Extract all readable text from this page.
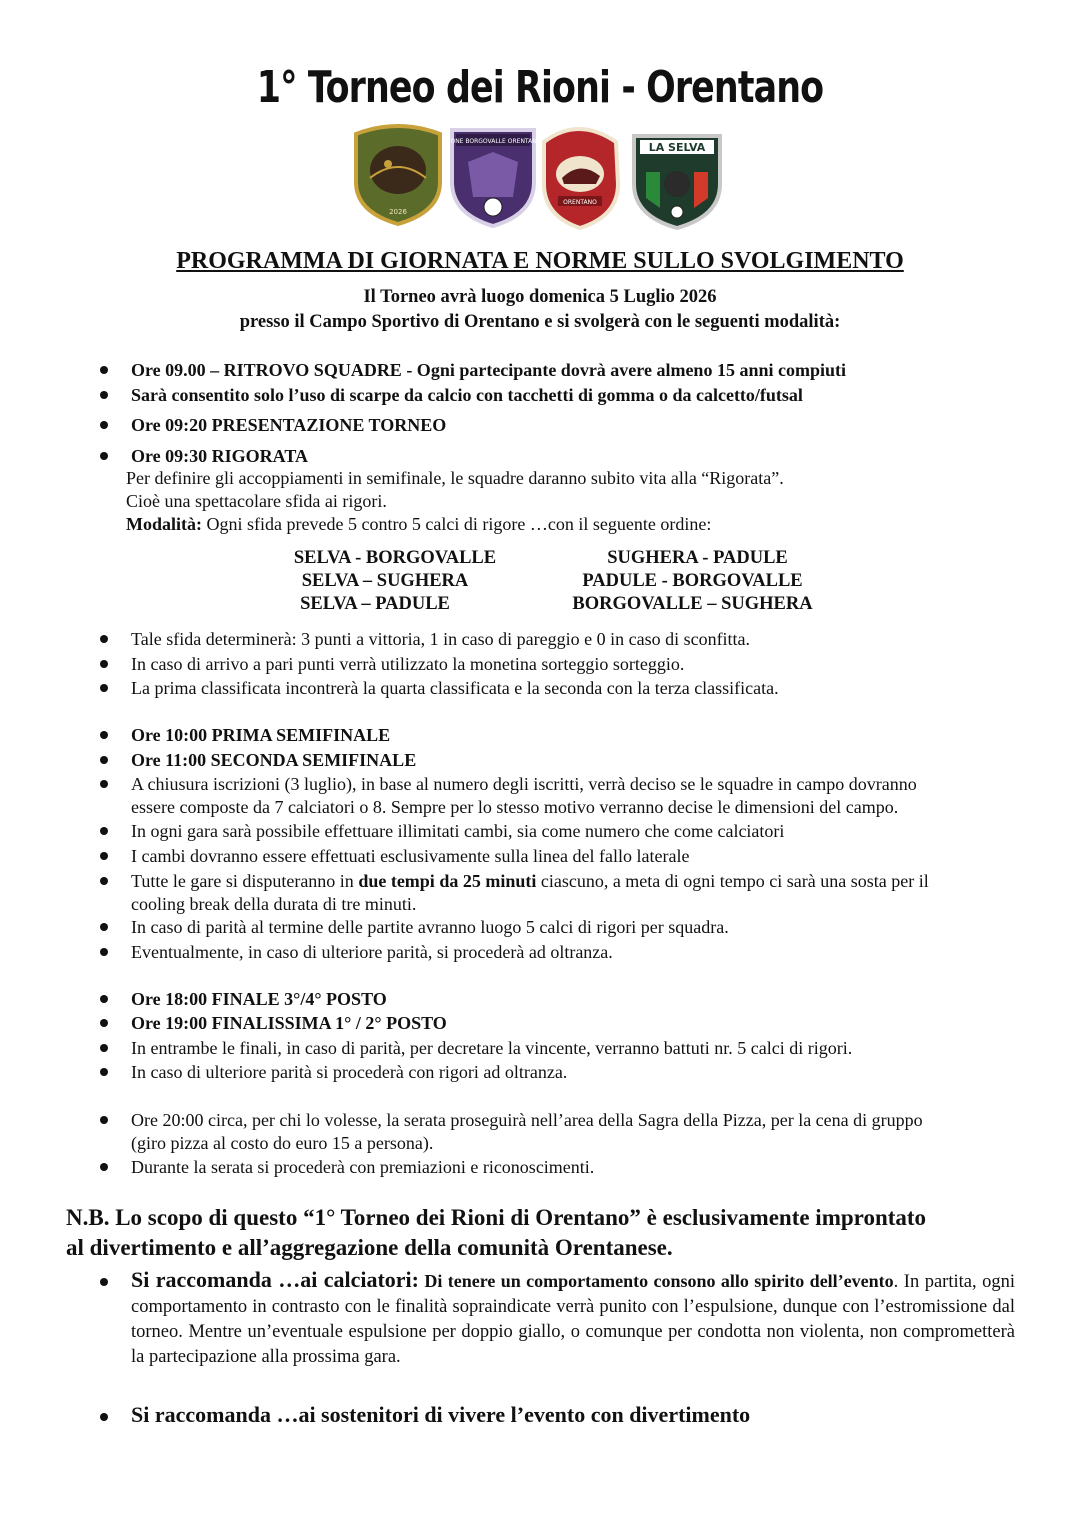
1° Torneo dei Rioni - Orentano
2026
RIONE BORGOVALLE ORENTANO
ORENTANO
LA SELVA
PROGRAMMA DI GIORNATA E NORME SULLO SVOLGIMENTO
Il Torneo avrà luogo domenica 5 Luglio 2026
presso il Campo Sportivo di Orentano e si svolgerà con le seguenti modalità:
Ore 09.00 – RITROVO SQUADRE - Ogni partecipante dovrà avere almeno 15 anni compiuti
Sarà consentito solo l’uso di scarpe da calcio con tacchetti di gomma o da calcetto/futsal
Ore 09:20 PRESENTAZIONE TORNEO
Ore 09:30 RIGORATA
Per definire gli accoppiamenti in semifinale, le squadre daranno subito vita alla “Rigorata”.
Cioè una spettacolare sfida ai rigori.
Modalità: Ogni sfida prevede 5 contro 5 calci di rigore …con il seguente ordine:
SELVA - BORGOVALLE
SELVA – SUGHERA
SELVA – PADULE
SUGHERA - PADULE
PADULE - BORGOVALLE
BORGOVALLE – SUGHERA
Tale sfida determinerà: 3 punti a vittoria, 1 in caso di pareggio e 0 in caso di sconfitta.
In caso di arrivo a pari punti verrà utilizzato la monetina sorteggio sorteggio.
La prima classificata incontrerà la quarta classificata e la seconda con la terza classificata.
Ore 10:00 PRIMA SEMIFINALE
Ore 11:00 SECONDA SEMIFINALE
A chiusura iscrizioni (3 luglio), in base al numero degli iscritti, verrà deciso se le squadre in campo dovranno
essere composte da 7 calciatori o 8. Sempre per lo stesso motivo verranno decise le dimensioni del campo.
In ogni gara sarà possibile effettuare illimitati cambi, sia come numero che come calciatori
I cambi dovranno essere effettuati esclusivamente sulla linea del fallo laterale
Tutte le gare si disputeranno in due tempi da 25 minuti ciascuno, a meta di ogni tempo ci sarà una sosta per il
cooling break della durata di tre minuti.
In caso di parità al termine delle partite avranno luogo 5 calci di rigori per squadra.
Eventualmente, in caso di ulteriore parità, si procederà ad oltranza.
Ore 18:00 FINALE 3°/4° POSTO
Ore 19:00 FINALISSIMA 1° / 2° POSTO
In entrambe le finali, in caso di parità, per decretare la vincente, verranno battuti nr. 5 calci di rigori.
In caso di ulteriore parità si procederà con rigori ad oltranza.
Ore 20:00 circa, per chi lo volesse, la serata proseguirà nell’area della Sagra della Pizza, per la cena di gruppo
(giro pizza al costo do euro 15 a persona).
Durante la serata si procederà con premiazioni e riconoscimenti.
N.B. Lo scopo di questo “1° Torneo dei Rioni di Orentano” è esclusivamente improntato
al divertimento e all’aggregazione della comunità Orentanese.
Si raccomanda …ai calciatori: Di tenere un comportamento consono allo spirito dell’evento. In partita, ogni comportamento in contrasto con le finalità sopraindicate verrà punito con l’espulsione, dunque con l’estromissione dal torneo. Mentre un’eventuale espulsione per doppio giallo, o comunque per condotta non violenta, non comprometterà la partecipazione alla prossima gara.
Si raccomanda …ai sostenitori di vivere l’evento con divertimento
